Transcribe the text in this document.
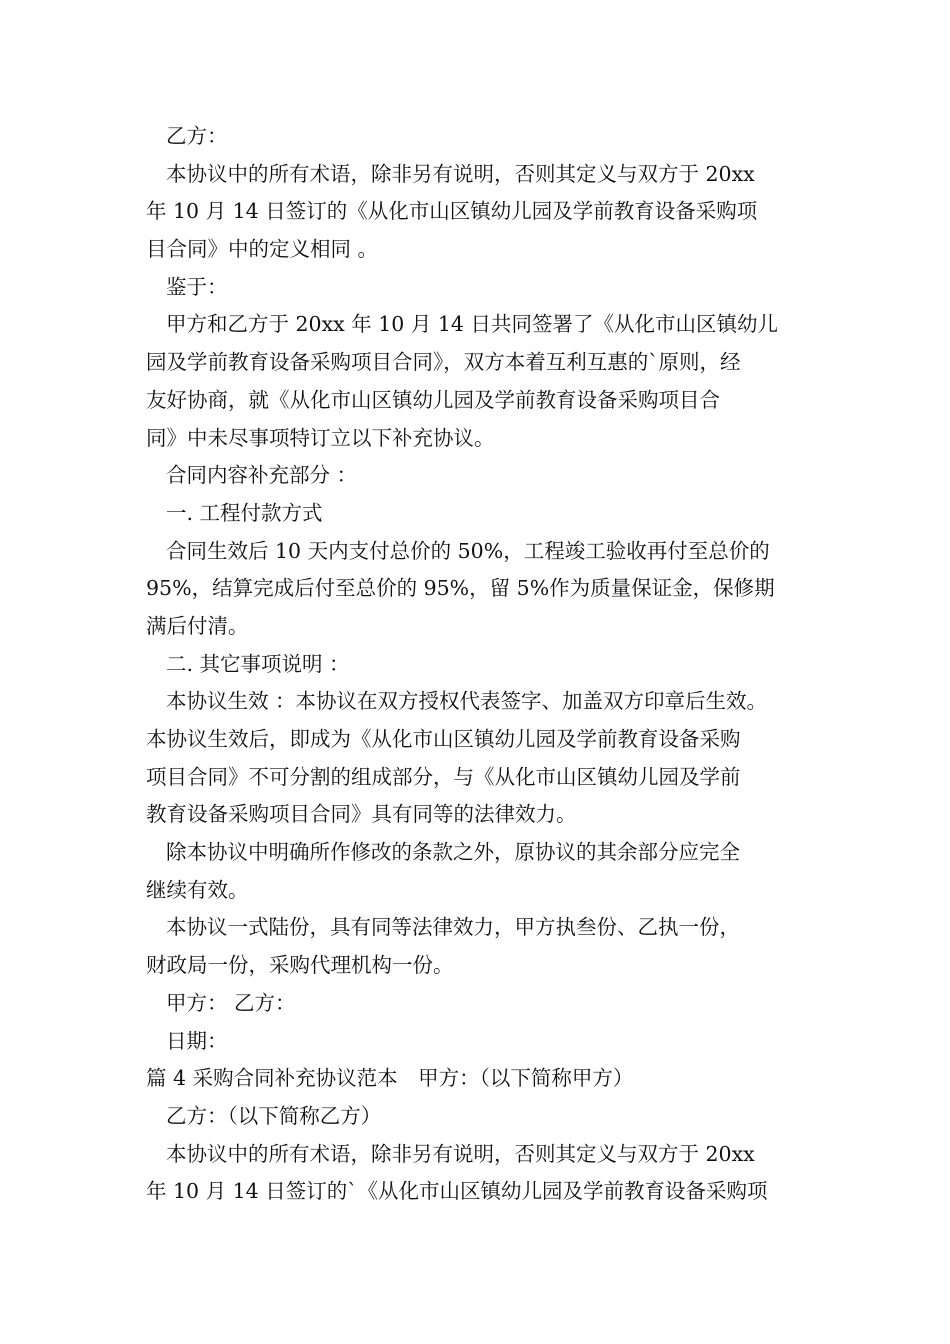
乙方：
本协议中的所有术语，除非另有说明，否则其定义与双方于 20xx
年 10 月 14 日签订的《从化市山区镇幼儿园及学前教育设备采购项
目合同》中的定义相同 。
鉴于：
甲方和乙方于 20xx 年 10 月 14 日共同签署了《从化市山区镇幼儿
园及学前教育设备采购项目合同》，双方本着互利互惠的`原则，经
友好协商，就《从化市山区镇幼儿园及学前教育设备采购项目合
同》中未尽事项特订立以下补充协议。
合同内容补充部分 ：
一. 工程付款方式
合同生效后 10 天内支付总价的 50%，工程竣工验收再付至总价的
95%，结算完成后付至总价的 95%，留 5%作为质量保证金，保修期
满后付清。
二. 其它事项说明 ：
本协议生效 ：本协议在双方授权代表签字、加盖双方印章后生效。
本协议生效后，即成为《从化市山区镇幼儿园及学前教育设备采购
项目合同》不可分割的组成部分，与《从化市山区镇幼儿园及学前
教育设备采购项目合同》具有同等的法律效力。
除本协议中明确所作修改的条款之外，原协议的其余部分应完全
继续有效。
本协议一式陆份，具有同等法律效力，甲方执叁份、乙执一份，
财政局一份，采购代理机构一份。
甲方： 乙方：
日期：
篇 4 采购合同补充协议范本　甲方：（以下简称甲方）
乙方：（以下简称乙方）
本协议中的所有术语，除非另有说明，否则其定义与双方于 20xx
年 10 月 14 日签订的`《从化市山区镇幼儿园及学前教育设备采购项
